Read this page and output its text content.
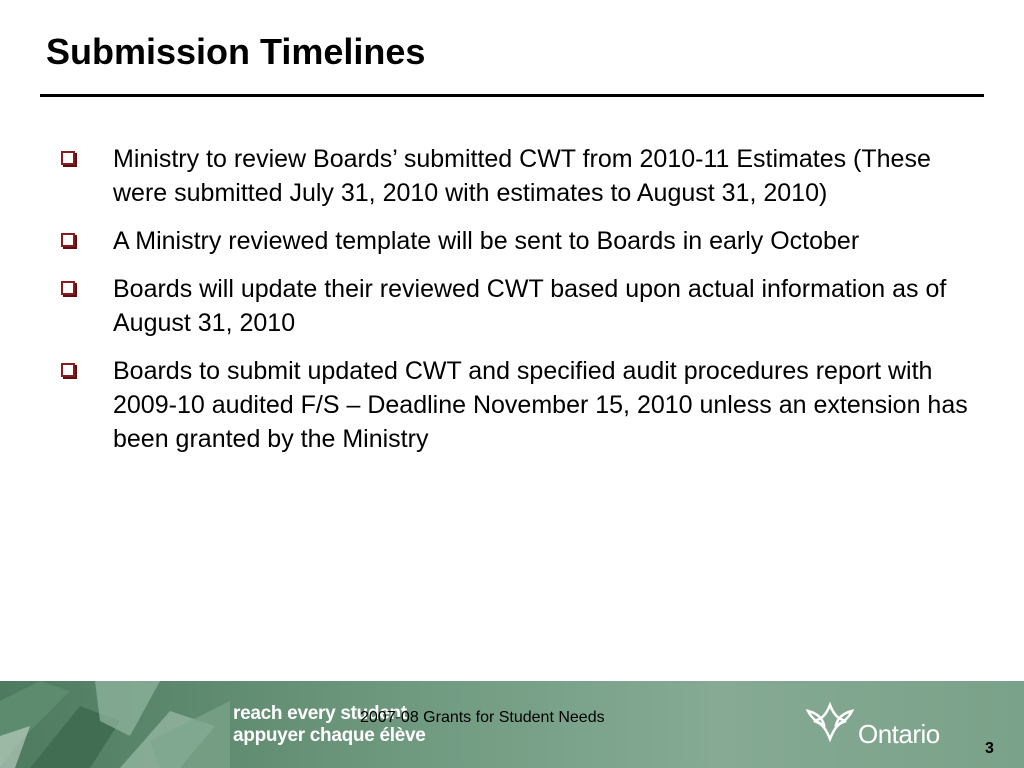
Submission Timelines
Ministry to review Boards’ submitted CWT from 2010-11 Estimates (These were submitted July 31, 2010 with estimates to August 31, 2010)
A Ministry reviewed template will be sent to Boards in early October
Boards will update their reviewed CWT based upon actual information as of August 31, 2010
Boards to submit updated CWT and specified audit procedures report with 2009-10 audited F/S – Deadline November 15, 2010 unless an extension has been granted by the Ministry
reach every student
appuyer chaque élève
2007-08 Grants for Student Needs
Ontario	3
